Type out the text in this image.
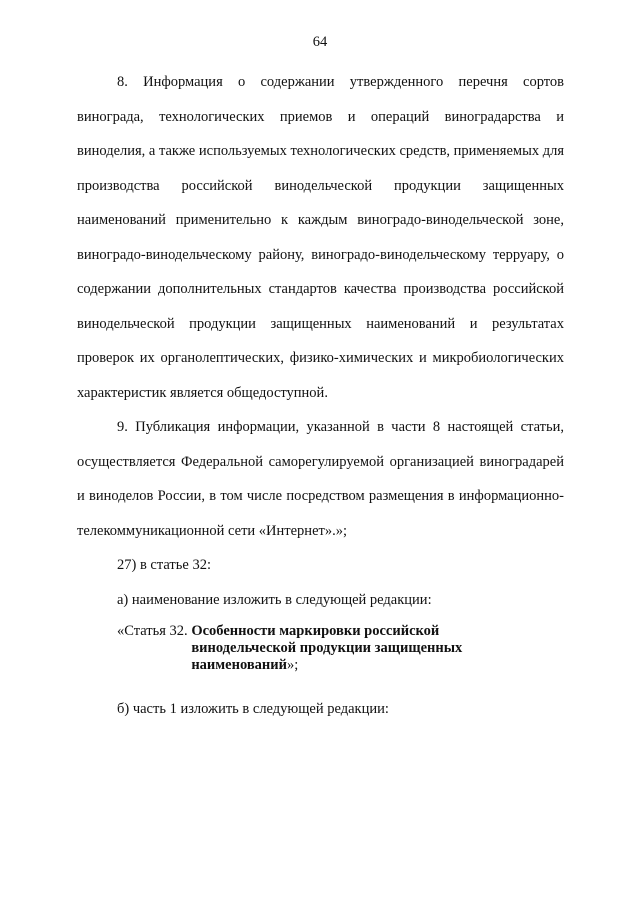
64

8. Информация о содержании утвержденного перечня сортов винограда, технологических приемов и операций виноградарства и виноделия, а также используемых технологических средств, применяемых для производства российской винодельческой продукции защищенных наименований применительно к каждым виноградо-винодельческой зоне, виноградо-винодельческому району, виноградо-винодельческому терруару, о содержании дополнительных стандартов качества производства российской винодельческой продукции защищенных наименований и результатах проверок их органолептических, физико-химических и микробиологических характеристик является общедоступной.

9. Публикация информации, указанной в части 8 настоящей статьи, осуществляется Федеральной саморегулируемой организацией виноградарей и виноделов России, в том числе посредством размещения в информационно-телекоммуникационной сети «Интернет».»;

27) в статье 32:

а) наименование изложить в следующей редакции:

«Статья 32. Особенности маркировки российской винодельческой продукции защищенных наименований»;

б) часть 1 изложить в следующей редакции:
